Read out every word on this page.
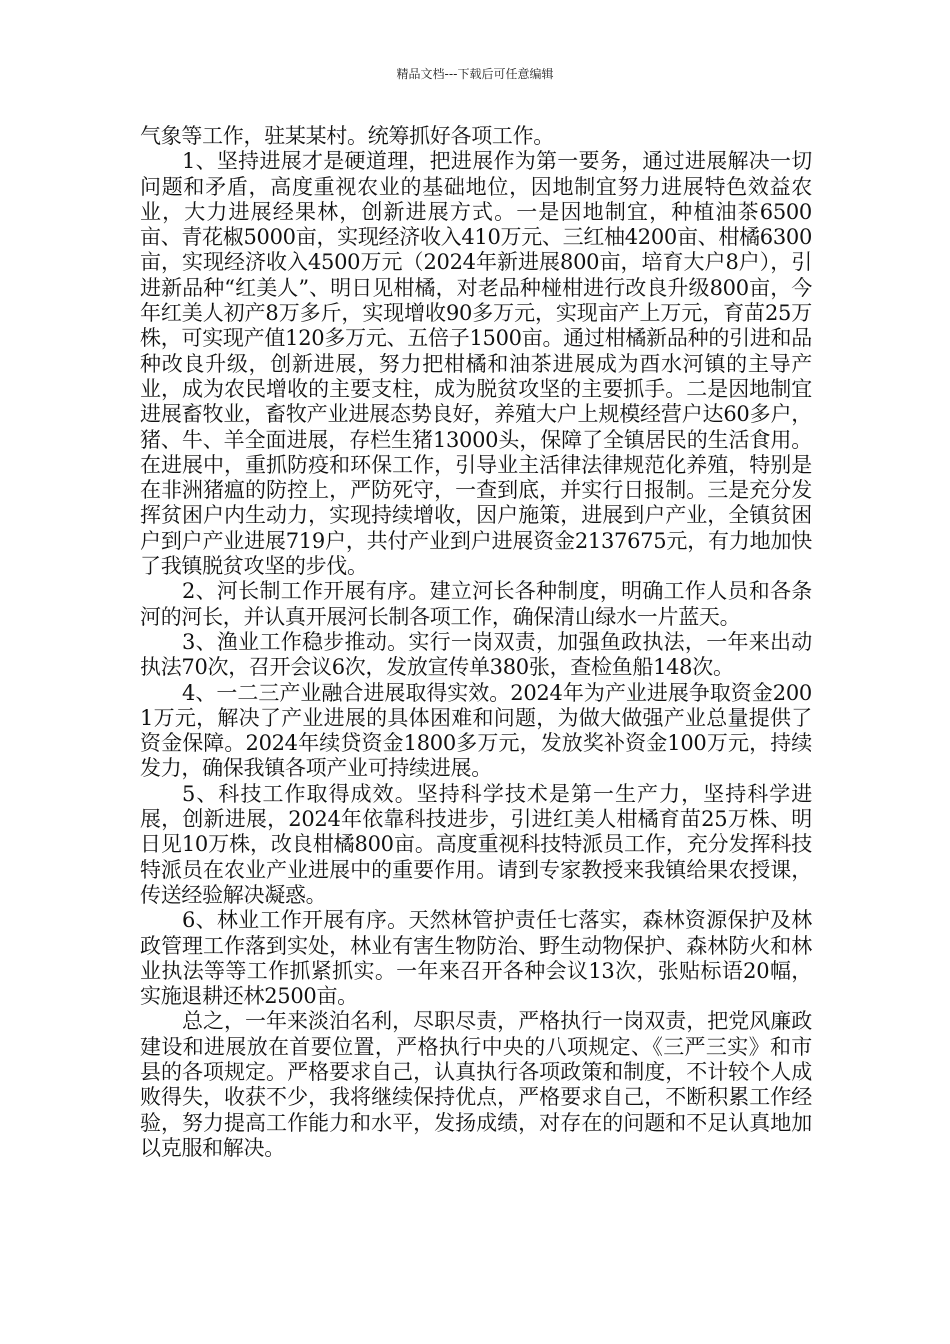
精品文档---下载后可任意编辑

气象等工作，驻某某村。统筹抓好各项工作。

1、坚持进展才是硬道理，把进展作为第一要务，通过进展解决一切问题和矛盾，高度重视农业的基础地位，因地制宜努力进展特色效益农业，大力进展经果林，创新进展方式。一是因地制宜，种植油茶6500亩、青花椒5000亩，实现经济收入410万元、三红柚4200亩、柑橘6300亩，实现经济收入4500万元（2024年新进展800亩，培育大户8户），引进新品种“红美人”、明日见柑橘，对老品种椪柑进行改良升级800亩，今年红美人初产8万多斤，实现增收90多万元，实现亩产上万元，育苗25万株，可实现产值120多万元、五倍子1500亩。通过柑橘新品种的引进和品种改良升级，创新进展，努力把柑橘和油茶进展成为酉水河镇的主导产业，成为农民增收的主要支柱，成为脱贫攻坚的主要抓手。二是因地制宜进展畜牧业，畜牧产业进展态势良好，养殖大户上规模经营户达60多户，猪、牛、羊全面进展，存栏生猪13000头，保障了全镇居民的生活食用。在进展中，重抓防疫和环保工作，引导业主活律法律规范化养殖，特别是在非洲猪瘟的防控上，严防死守，一查到底，并实行日报制。三是充分发挥贫困户内生动力，实现持续增收，因户施策，进展到户产业，全镇贫困户到户产业进展719户，共付产业到户进展资金2137675元，有力地加快了我镇脱贫攻坚的步伐。

2、河长制工作开展有序。建立河长各种制度，明确工作人员和各条河的河长，并认真开展河长制各项工作，确保清山绿水一片蓝天。

3、渔业工作稳步推动。实行一岗双责，加强鱼政执法，一年来出动执法70次，召开会议6次，发放宣传单380张，查检鱼船148次。

4、一二三产业融合进展取得实效。2024年为产业进展争取资金2001万元，解决了产业进展的具体困难和问题，为做大做强产业总量提供了资金保障。2024年续贷资金1800多万元，发放奖补资金100万元，持续发力，确保我镇各项产业可持续进展。

5、科技工作取得成效。坚持科学技术是第一生产力，坚持科学进展，创新进展，2024年依靠科技进步，引进红美人柑橘育苗25万株、明日见10万株，改良柑橘800亩。高度重视科技特派员工作，充分发挥科技特派员在农业产业进展中的重要作用。请到专家教授来我镇给果农授课，传送经验解决凝惑。

6、林业工作开展有序。天然林管护责任七落实，森林资源保护及林政管理工作落到实处，林业有害生物防治、野生动物保护、森林防火和林业执法等等工作抓紧抓实。一年来召开各种会议13次，张贴标语20幅，实施退耕还林2500亩。

总之，一年来淡泊名利，尽职尽责，严格执行一岗双责，把党风廉政建设和进展放在首要位置，严格执行中央的八项规定、《三严三实》和市县的各项规定。严格要求自己，认真执行各项政策和制度，不计较个人成败得失，收获不少，我将继续保持优点，严格要求自己，不断积累工作经验，努力提高工作能力和水平，发扬成绩，对存在的问题和不足认真地加以克服和解决。
